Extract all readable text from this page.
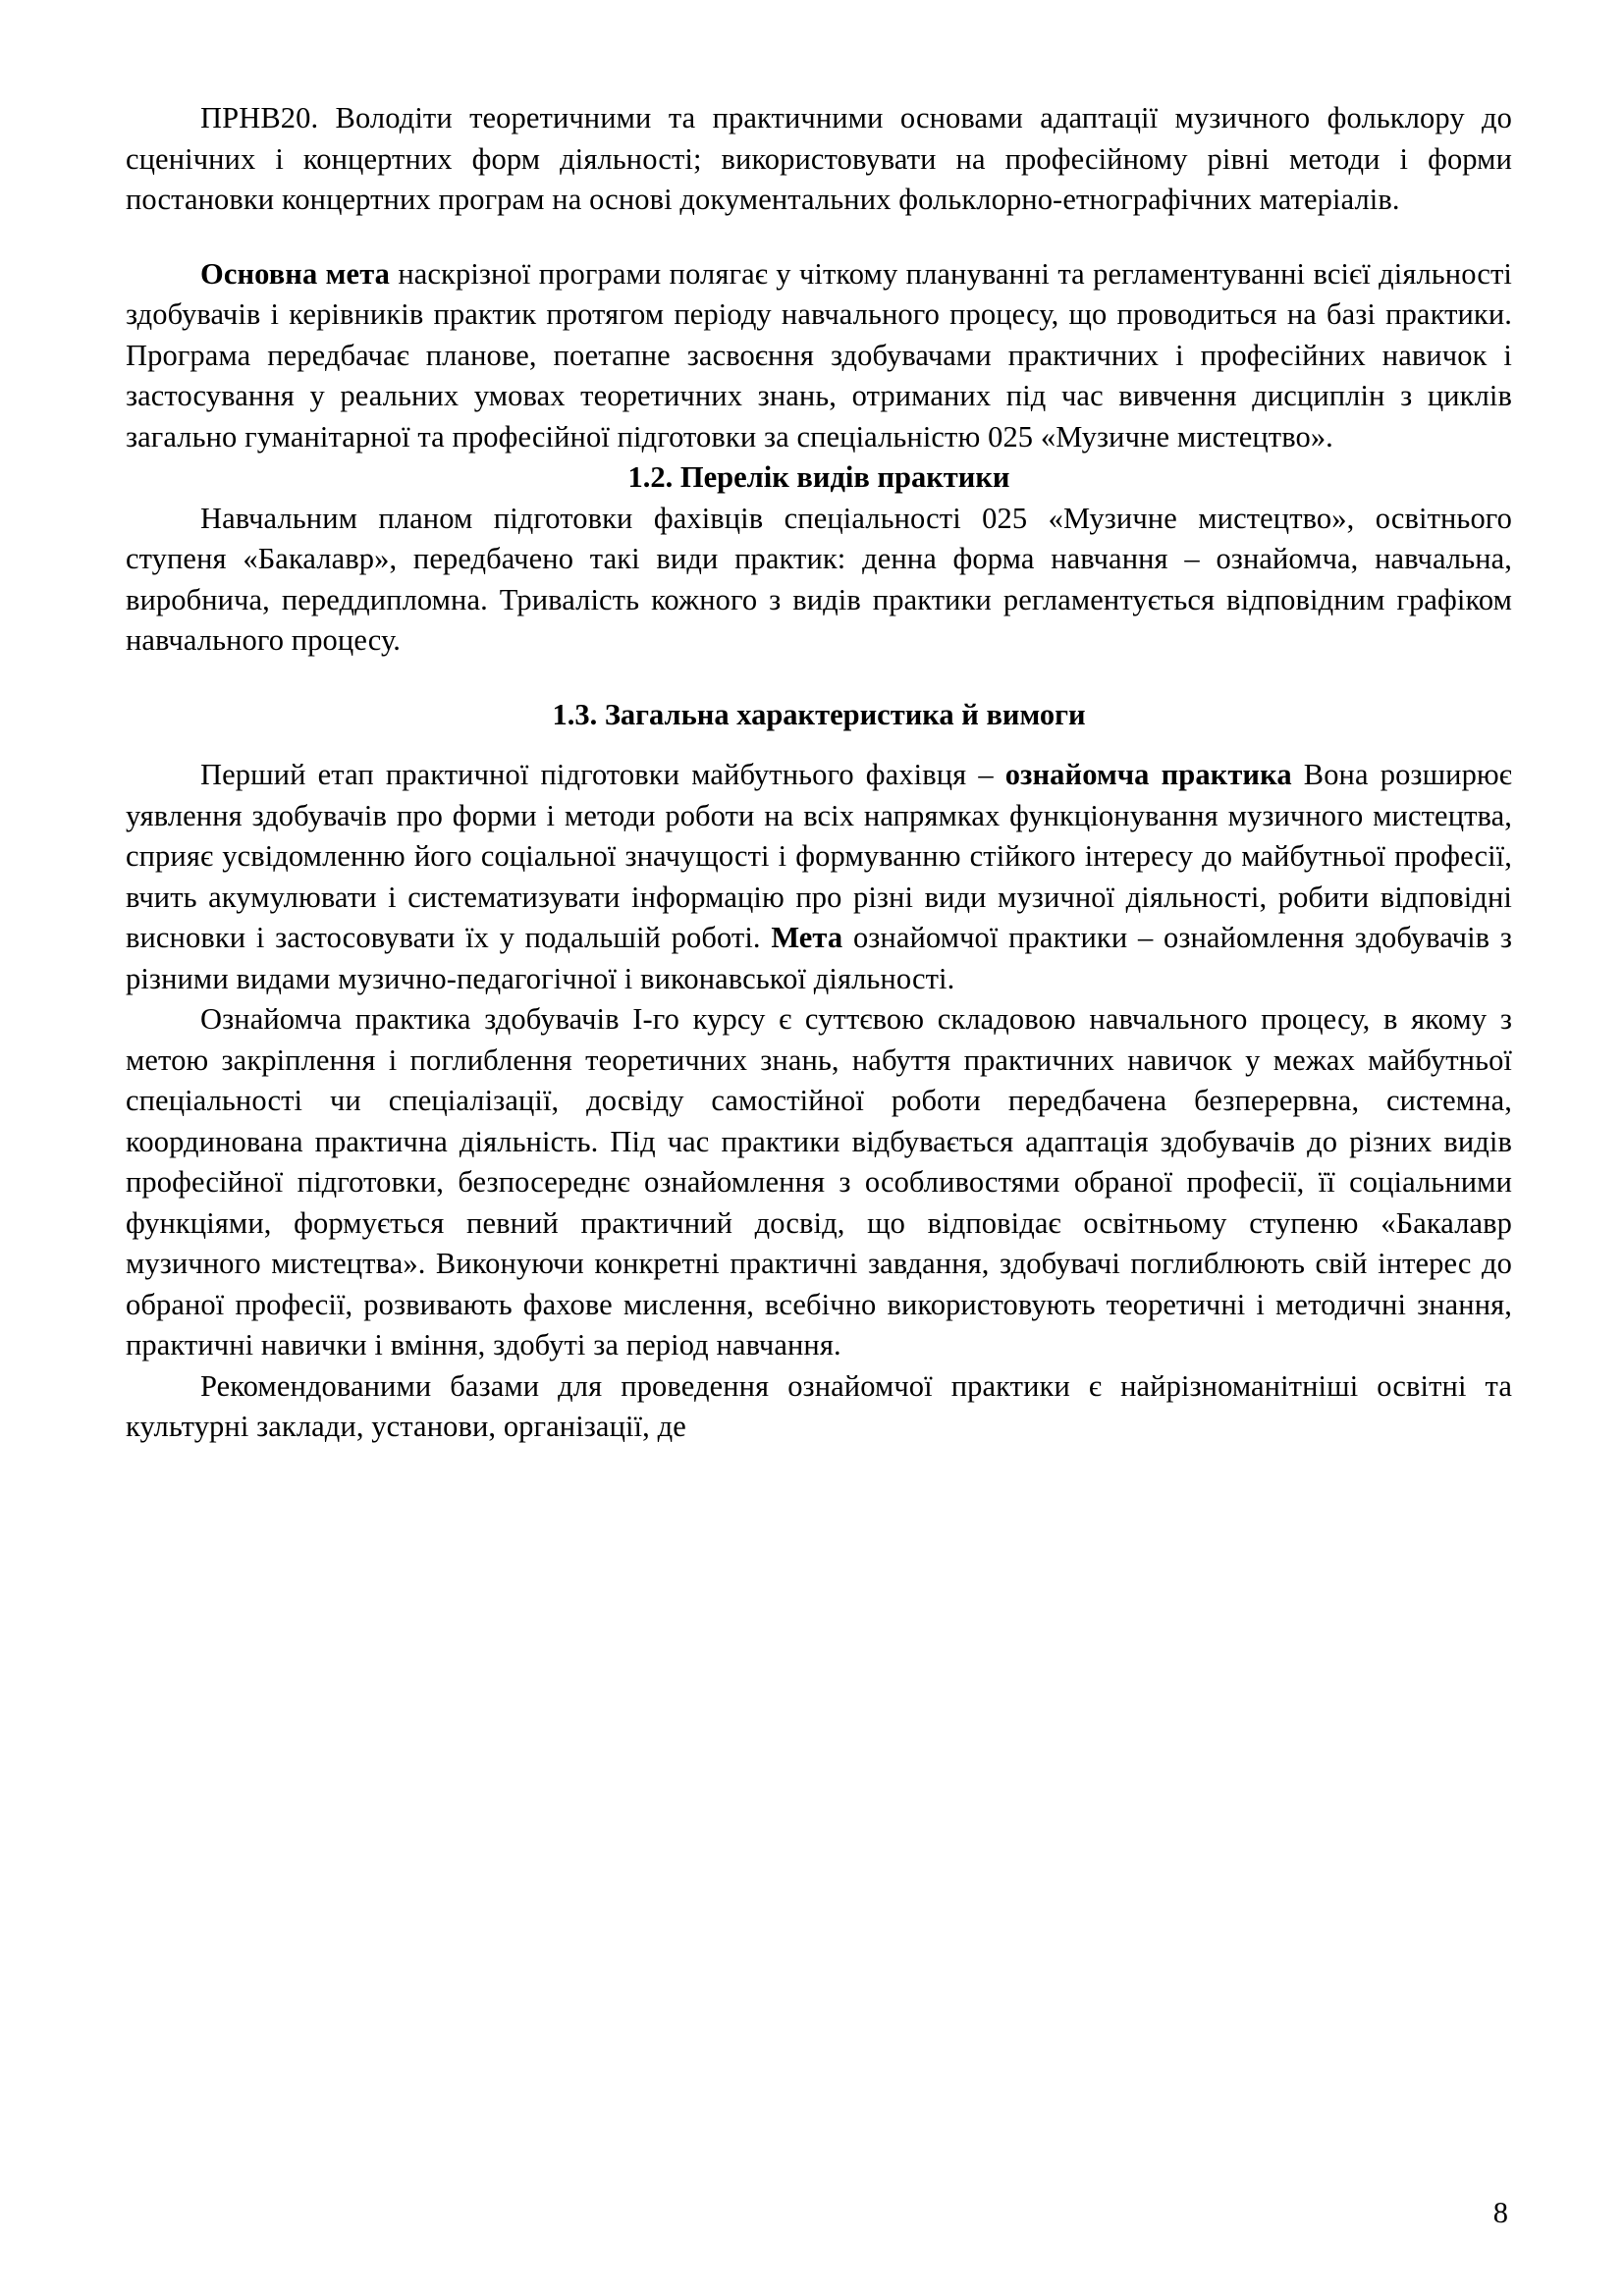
ПРНВ20. Володіти теоретичними та практичними основами адаптації музичного фольклору до сценічних і концертних форм діяльності; використовувати на професійному рівні методи і форми постановки концертних програм на основі документальних фольклорно-етнографічних матеріалів.

Основна мета наскрізної програми полягає у чіткому плануванні та регламентуванні всієї діяльності здобувачів і керівників практик протягом періоду навчального процесу, що проводиться на базі практики. Програма передбачає планове, поетапне засвоєння здобувачами практичних і професійних навичок і застосування у реальних умовах теоретичних знань, отриманих під час вивчення дисциплін з циклів загально гуманітарної та професійної підготовки за спеціальністю 025 «Музичне мистецтво».

1.2. Перелік видів практики

Навчальним планом підготовки фахівців спеціальності 025 «Музичне мистецтво», освітнього ступеня «Бакалавр», передбачено такі види практик: денна форма навчання – ознайомча, навчальна, виробнича, переддипломна. Тривалість кожного з видів практики регламентується відповідним графіком навчального процесу.

1.3. Загальна характеристика й вимоги

Перший етап практичної підготовки майбутнього фахівця – ознайомча практика Вона розширює уявлення здобувачів про форми і методи роботи на всіх напрямках функціонування музичного мистецтва, сприяє усвідомленню його соціальної значущості і формуванню стійкого інтересу до майбутньої професії, вчить акумулювати і систематизувати інформацію про різні види музичної діяльності, робити відповідні висновки і застосовувати їх у подальшій роботі. Мета ознайомчої практики – ознайомлення здобувачів з різними видами музично-педагогічної і виконавської діяльності.

Ознайомча практика здобувачів І-го курсу є суттєвою складовою навчального процесу, в якому з метою закріплення і поглиблення теоретичних знань, набуття практичних навичок у межах майбутньої спеціальності чи спеціалізації, досвіду самостійної роботи передбачена безперервна, системна, координована практична діяльність. Під час практики відбувається адаптація здобувачів до різних видів професійної підготовки, безпосереднє ознайомлення з особливостями обраної професії, її соціальними функціями, формується певний практичний досвід, що відповідає освітньому ступеню «Бакалавр музичного мистецтва». Виконуючи конкретні практичні завдання, здобувачі поглиблюють свій інтерес до обраної професії, розвивають фахове мислення, всебічно використовують теоретичні і методичні знання, практичні навички і вміння, здобуті за період навчання.

Рекомендованими базами для проведення ознайомчої практики є найрізноманітніші освітні та культурні заклади, установи, організації, де

8
